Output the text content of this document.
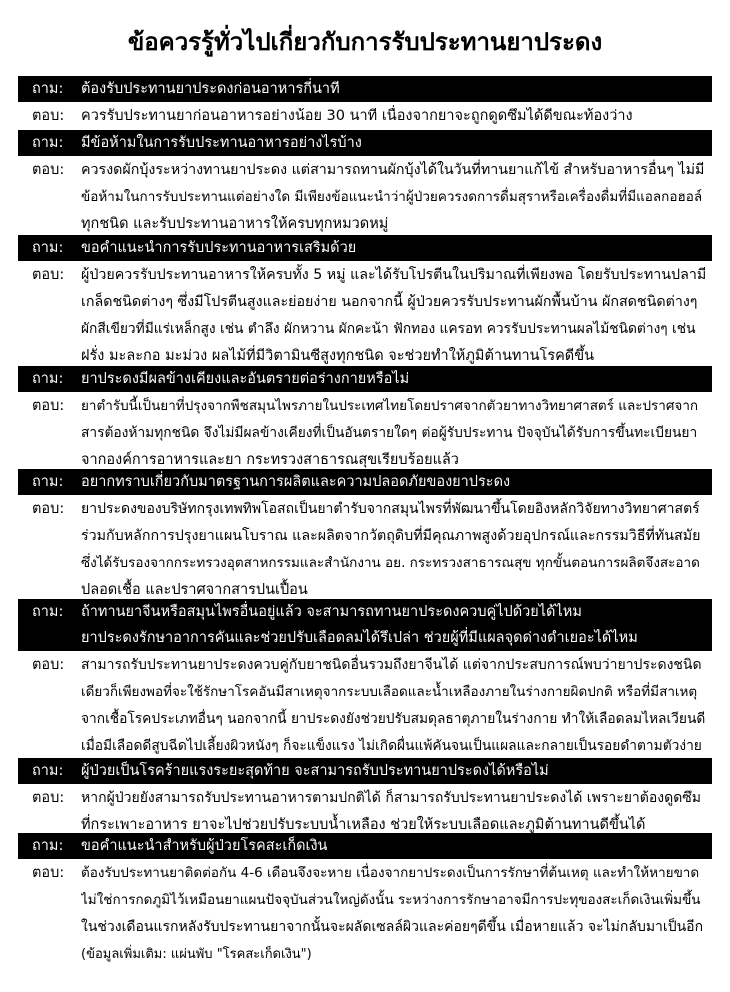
ข้อควรรู้ทั่วไปเกี่ยวกับการรับประทานยาประดง
ถาม: ต้องรับประทานยาประดงก่อนอาหารกี่นาที
ตอบ: ควรรับประทานยาก่อนอาหารอย่างน้อย 30 นาที เนื่องจากยาจะถูกดูดซึมได้ดีขณะท้องว่าง
ถาม: มีข้อห้ามในการรับประทานอาหารอย่างไรบ้าง
ตอบ: ควรงดผักบุ้งระหว่างทานยาประดง แต่สามารถทานผักบุ้งได้ในวันที่ทานยาแก้ไข้ สำหรับอาหารอื่นๆ ไม่มี
ข้อห้ามในการรับประทานแต่อย่างใด มีเพียงข้อแนะนำว่าผู้ป่วยควรงดการดื่มสุราหรือเครื่องดื่มที่มีแอลกอฮอล์
ทุกชนิด และรับประทานอาหารให้ครบทุกหมวดหมู่
ถาม: ขอคำแนะนำการรับประทานอาหารเสริมด้วย
ตอบ: ผู้ป่วยควรรับประทานอาหารให้ครบทั้ง 5 หมู่ และได้รับโปรตีนในปริมาณที่เพียงพอ โดยรับประทานปลามี
เกล็ดชนิดต่างๆ ซึ่งมีโปรตีนสูงและย่อยง่าย นอกจากนี้ ผู้ป่วยควรรับประทานผักพื้นบ้าน ผักสดชนิดต่างๆ
ผักสีเขียวที่มีแร่เหล็กสูง เช่น ตำลึง ผักหวาน ผักคะน้า ฟักทอง แครอท ควรรับประทานผลไม้ชนิดต่างๆ เช่น
ฝรั่ง มะละกอ มะม่วง ผลไม้ที่มีวิตามินซีสูงทุกชนิด จะช่วยทำให้ภูมิต้านทานโรคดีขึ้น
ถาม: ยาประดงมีผลข้างเคียงและอันตรายต่อร่างกายหรือไม่
ตอบ: ยาตำรับนี้เป็นยาที่ปรุงจากพืชสมุนไพรภายในประเทศไทยโดยปราศจากตัวยาทางวิทยาศาสตร์ และปราศจาก
สารต้องห้ามทุกชนิด จึงไม่มีผลข้างเคียงที่เป็นอันตรายใดๆ ต่อผู้รับประทาน ปัจจุบันได้รับการขึ้นทะเบียนยา
จากองค์การอาหารและยา กระทรวงสาธารณสุขเรียบร้อยแล้ว
ถาม: อยากทราบเกี่ยวกับมาตรฐานการผลิตและความปลอดภัยของยาประดง
ตอบ: ยาประดงของบริษัทกรุงเทพทิพโอสถเป็นยาตำรับจากสมุนไพรที่พัฒนาขึ้นโดยอิงหลักวิจัยทางวิทยาศาสตร์
ร่วมกับหลักการปรุงยาแผนโบราณ และผลิตจากวัตถุดิบที่มีคุณภาพสูงด้วยอุปกรณ์และกรรมวิธีที่ทันสมัย
ซึ่งได้รับรองจากกระทรวงอุตสาหกรรมและสำนักงาน อย. กระทรวงสาธารณสุข ทุกขั้นตอนการผลิตจึงสะอาด
ปลอดเชื้อ และปราศจากสารปนเปื้อน
ถาม: ถ้าทานยาจีนหรือสมุนไพรอื่นอยู่แล้ว จะสามารถทานยาประดงควบคู่ไปด้วยได้ไหม
ยาประดงรักษาอาการคันและช่วยปรับเลือดลมได้รึเปล่า ช่วยผู้ที่มีแผลจุดด่างดำเยอะได้ไหม
ตอบ: สามารถรับประทานยาประดงควบคู่กับยาชนิดอื่นรวมถึงยาจีนได้ แต่จากประสบการณ์พบว่ายาประดงชนิด
เดียวก็เพียงพอที่จะใช้รักษาโรคอันมีสาเหตุจากระบบเลือดและน้ำเหลืองภายในร่างกายผิดปกติ หรือที่มีสาเหตุ
จากเชื้อโรคประเภทอื่นๆ นอกจากนี้ ยาประดงยังช่วยปรับสมดุลธาตุภายในร่างกาย ทำให้เลือดลมไหลเวียนดี
เมื่อมีเลือดดีสูบฉีดไปเลี้ยงผิวหนังๆ ก็จะแข็งแรง ไม่เกิดผื่นแพ้คันจนเป็นแผลและกลายเป็นรอยดำตามตัวง่าย
ถาม: ผู้ป่วยเป็นโรคร้ายแรงระยะสุดท้าย จะสามารถรับประทานยาประดงได้หรือไม่
ตอบ: หากผู้ป่วยยังสามารถรับประทานอาหารตามปกติได้ ก็สามารถรับประทานยาประดงได้ เพราะยาต้องดูดซึม
ที่กระเพาะอาหาร ยาจะไปช่วยปรับระบบน้ำเหลือง ช่วยให้ระบบเลือดและภูมิต้านทานดีขึ้นได้
ถาม: ขอคำแนะนำสำหรับผู้ป่วยโรคสะเก็ดเงิน
ตอบ: ต้องรับประทานยาติดต่อกัน 4-6 เดือนจึงจะหาย เนื่องจากยาประดงเป็นการรักษาที่ต้นเหตุ และทำให้หายขาด
ไม่ใช่การกดภูมิไว้เหมือนยาแผนปัจจุบันส่วนใหญ่ดังนั้น ระหว่างการรักษาอาจมีการปะทุของสะเก็ดเงินเพิ่มขึ้น
ในช่วงเดือนแรกหลังรับประทานยาจากนั้นจะผลัดเซลล์ผิวและค่อยๆดีขึ้น เมื่อหายแล้ว จะไม่กลับมาเป็นอีก
(ข้อมูลเพิ่มเติม: แผ่นพับ "โรคสะเก็ดเงิน")
